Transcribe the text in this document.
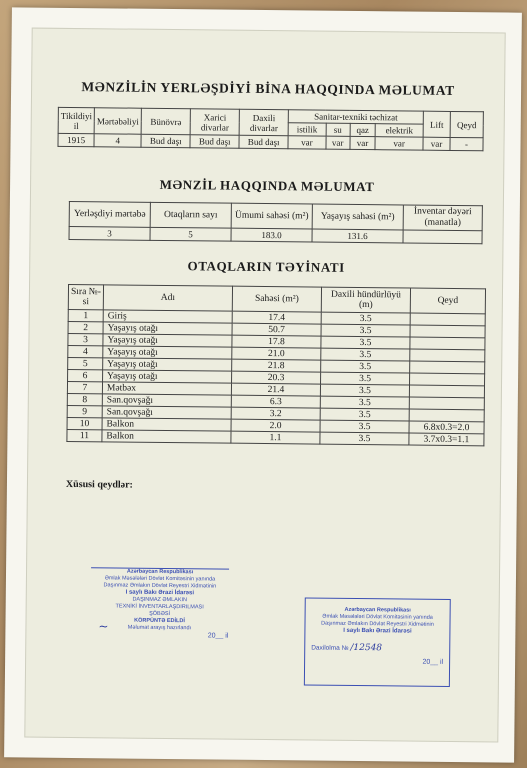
MƏNZİLİN YERLƏŞDİYİ BİNA HAQQINDA MƏLUMAT
Tikildiyi il	Mərtəbəliyi	Bünövrə	Xarici divarlar	Daxili divarlar	Sanitar-texniki təchizat				Lift	Qeyd
					istilik	su	qaz	elektrik		
1915	4	Bud daşı	Bud daşı	Bud daşı	var	var	var	var	var	-
MƏNZİL HAQQINDA MƏLUMAT
Yerləşdiyi mərtəbə	Otaqların sayı	Ümumi sahəsi (m²)	Yaşayış sahəsi (m²)	İnventar dəyəri (manatla)
3	5	183.0	131.6	
OTAQLARIN TƏYİNATI
Sıra №-si	Adı	Sahəsi (m²)	Daxili hündürlüyü (m)	Qeyd
1	Giriş	17.4	3.5	
2	Yaşayış otağı	50.7	3.5	
3	Yaşayış otağı	17.8	3.5	
4	Yaşayış otağı	21.0	3.5	
5	Yaşayış otağı	21.8	3.5	
6	Yaşayış otağı	20.3	3.5	
7	Mətbəx	21.4	3.5	
8	San.qovşağı	6.3	3.5	
9	San.qovşağı	3.2	3.5	
10	Balkon	2.0	3.5	6.8x0.3=2.0
11	Balkon	1.1	3.5	3.7x0.3=1.1
Xüsusi qeydlər:
Azərbaycan Respublikası
Əmlak Məsələləri Dövlət Komitəsinin yanında
Daşınmaz Əmlakın Dövlət Reyestri Xidmətinin
I saylı Bakı Ərazi İdarəsi
DAŞINMAZ ƏMLAKIN
TEXNİKİ İNVENTARLAŞDIRILMASI
ŞÖBƏSİ
KÖRPÜNTƏ EDİLDİ
Məlumat arayış hazırlandı
20__ il
~
Azərbaycan Respublikası
Əmlak Məsələləri Dövlət Komitəsinin yanında
Daşınmaz Əmlakın Dövlət Reyestri Xidmətinin
I saylı Bakı Ərazi İdarəsi
Daxilolma № /12548
20__ il
